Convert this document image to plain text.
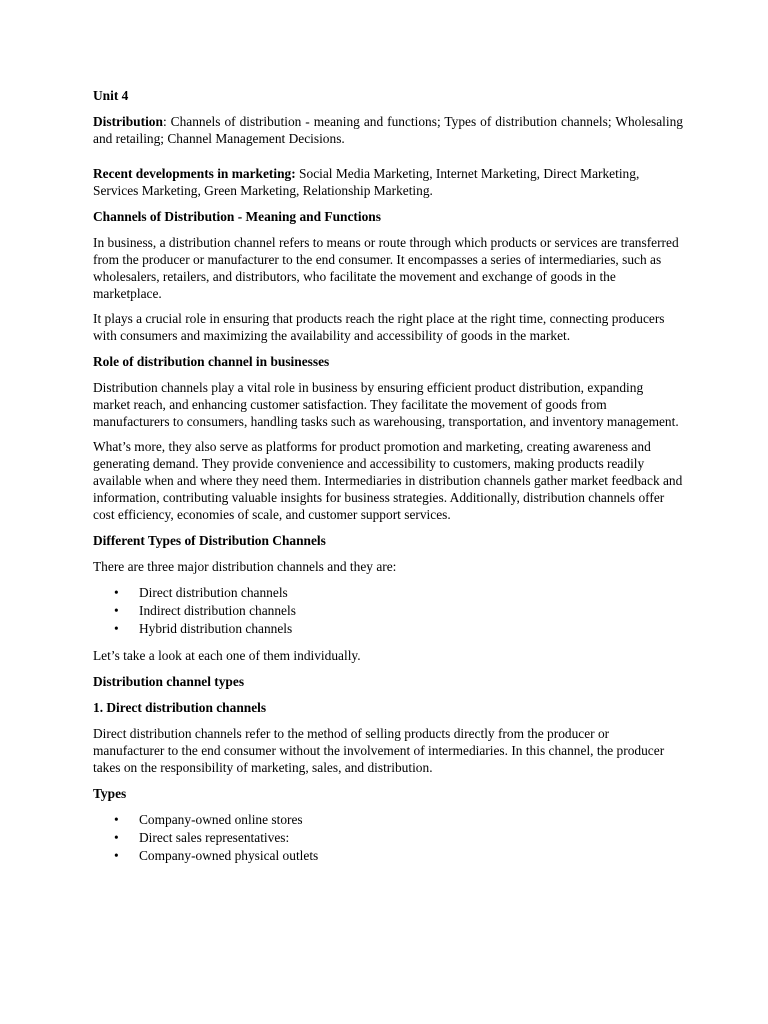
Unit 4

Distribution: Channels of distribution - meaning and functions; Types of distribution channels; Wholesaling and retailing; Channel Management Decisions.

Recent developments in marketing: Social Media Marketing, Internet Marketing, Direct Marketing, Services Marketing, Green Marketing, Relationship Marketing.

Channels of Distribution - Meaning and Functions

In business, a distribution channel refers to means or route through which products or services are transferred from the producer or manufacturer to the end consumer. It encompasses a series of intermediaries, such as wholesalers, retailers, and distributors, who facilitate the movement and exchange of goods in the marketplace.

It plays a crucial role in ensuring that products reach the right place at the right time, connecting producers with consumers and maximizing the availability and accessibility of goods in the market.

Role of distribution channel in businesses

Distribution channels play a vital role in business by ensuring efficient product distribution, expanding market reach, and enhancing customer satisfaction. They facilitate the movement of goods from manufacturers to consumers, handling tasks such as warehousing, transportation, and inventory management.

What’s more, they also serve as platforms for product promotion and marketing, creating awareness and generating demand. They provide convenience and accessibility to customers, making products readily available when and where they need them. Intermediaries in distribution channels gather market feedback and information, contributing valuable insights for business strategies. Additionally, distribution channels offer cost efficiency, economies of scale, and customer support services.

Different Types of Distribution Channels

There are three major distribution channels and they are:

• Direct distribution channels
• Indirect distribution channels
• Hybrid distribution channels

Let’s take a look at each one of them individually.

Distribution channel types

1. Direct distribution channels

Direct distribution channels refer to the method of selling products directly from the producer or manufacturer to the end consumer without the involvement of intermediaries. In this channel, the producer takes on the responsibility of marketing, sales, and distribution.

Types

• Company-owned online stores
• Direct sales representatives:
• Company-owned physical outlets
